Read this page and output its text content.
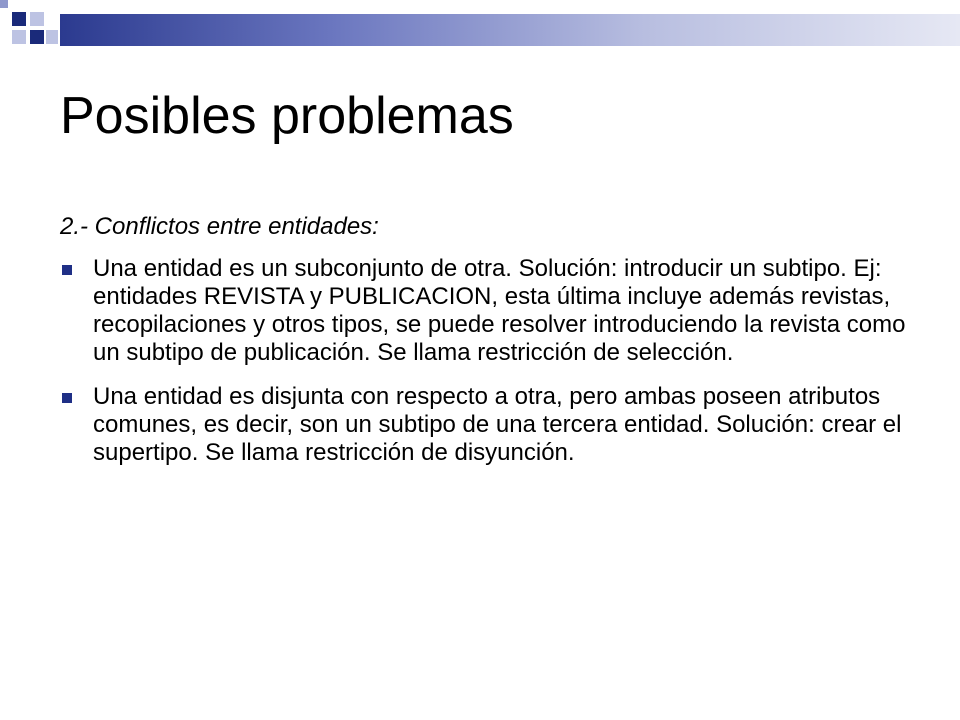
Posibles problemas

2.- Conflictos entre entidades:

Una entidad es un subconjunto de otra. Solución: introducir un subtipo. Ej: entidades REVISTA y PUBLICACION, esta última incluye además revistas, recopilaciones y otros tipos, se puede resolver introduciendo la revista como un subtipo de publicación. Se llama restricción de selección.
Una entidad es disjunta con respecto a otra, pero ambas poseen atributos comunes, es decir, son un subtipo de una tercera entidad. Solución: crear el supertipo. Se llama restricción de disyunción.
